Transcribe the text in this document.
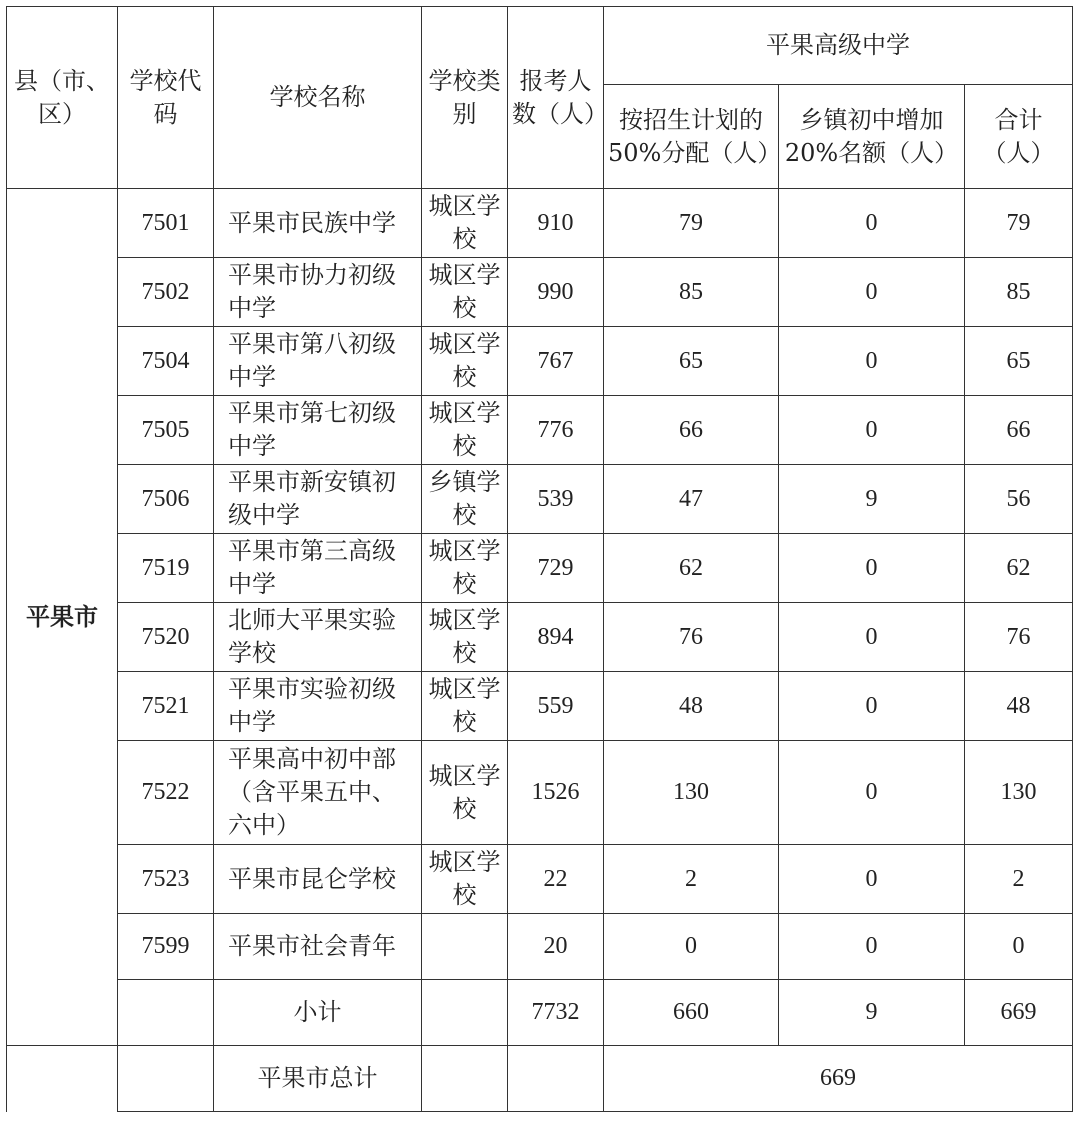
县（市、区）	学校代码	学校名称	学校类别	报考人数（人）	平果高级中学		
					按招生计划的50%分配（人）	乡镇初中增加20%名额（人）	合计（人）
平果市	7501	平果市民族中学	城区学校	910	79	0	79
	7502	平果市协力初级中学	城区学校	990	85	0	85
	7504	平果市第八初级中学	城区学校	767	65	0	65
	7505	平果市第七初级中学	城区学校	776	66	0	66
	7506	平果市新安镇初级中学	乡镇学校	539	47	9	56
	7519	平果市第三高级中学	城区学校	729	62	0	62
	7520	北师大平果实验学校	城区学校	894	76	0	76
	7521	平果市实验初级中学	城区学校	559	48	0	48
	7522	平果高中初中部（含平果五中、六中）	城区学校	1526	130	0	130
	7523	平果市昆仑学校	城区学校	22	2	0	2
	7599	平果市社会青年		20	0	0	0
		小计		7732	660	9	669
		平果市总计			669		
